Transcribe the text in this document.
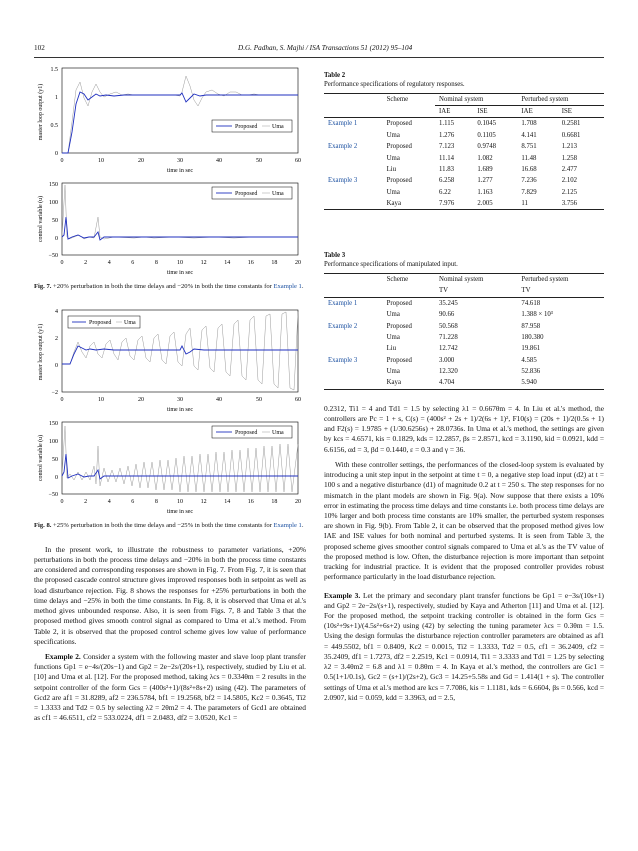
102	D.G. Padhan, S. Majhi / ISA Transactions 51 (2012) 95–104
master loop output (y1)
1.5
1
0.5
0
0	10	20	30	40	50	60
time in sec
Proposed Uma
control variable (u)
150
100
50
0
−50
0	2	4	6	8	10	12	14	16	18	20
time in sec
Proposed Uma
Fig. 7. +20% perturbation in both the time delays and −20% in both the time constants for Example 1.
master loop output (y1)
4
2
0
−2
0	10	20	30	40	50	60
time in sec
Proposed Uma
control variable (u)
150
100
50
0
−50
0	2	4	6	8	10	12	14	16	18	20
time in sec
Proposed Uma
Fig. 8. +25% perturbation in both the time delays and −25% in both the time constants for Example 1.

In the present work, to illustrate the robustness to parameter variations, +20% perturbations in both the process time delays and −20% in both the process time constants are considered and corresponding responses are shown in Fig. 7. From Fig. 7, it is seen that the proposed cascade control structure gives improved responses both in setpoint as well as load disturbance rejection. Fig. 8 shows the responses for +25% perturbations in both the time delays and −25% in both the time constants. In Fig. 8, it is observed that Uma et al.'s method gives unbounded response. Also, it is seen from Figs. 7, 8 and Table 3 that the proposed method gives smooth control signal as compared to Uma et al.'s method. From Table 2, it is observed that the proposed control scheme gives low value of performance specifications.

Example 2. Consider a system with the following master and slave loop plant transfer functions Gp1 = e−4s/(20s−1) and Gp2 = 2e−2s/(20s+1), respectively, studied by Liu et al. [10] and Uma et al. [12]. For the proposed method, taking λcs = 0.334θm = 2 results in the setpoint controller of the form Gcs = (400s²+1)/(8s²+8s+2) using (42). The parameters of Gcd2 are af1 = 31.8289, af2 = 236.5784, bf1 = 19.2568, bf2 = 14.5805, Kc2 = 0.3645, Ti2 = 1.3333 and Td2 = 0.5 by selecting λ2 = 2θm2 = 4. The parameters of Gcd1 are obtained as cf1 = 46.6511, cf2 = 533.0224, df1 = 2.0483, df2 = 3.0520, Kc1 =

Table 2
Performance specifications of regulatory responses.
	Scheme	Nominal system		Perturbed system	
		IAE	ISE	IAE	ISE
Example 1	Proposed	1.115	0.1045	1.708	0.2581
	Uma	1.276	0.1105	4.141	0.6681
Example 2	Proposed	7.123	0.9748	8.751	1.213
	Uma	11.14	1.082	11.48	1.258
	Liu	11.83	1.689	16.68	2.477
Example 3	Proposed	6.258	1.277	7.236	2.102
	Uma	6.22	1.163	7.829	2.125
	Kaya	7.976	2.005	11	3.756
Table 3
Performance specifications of manipulated input.
	Scheme	Nominal system	Perturbed system
		TV	TV
Example 1	Proposed	35.245	74.618
	Uma	90.66	1.388 × 10³
Example 2	Proposed	50.568	87.958
	Uma	71.228	180.380
	Liu	12.742	19.861
Example 3	Proposed	3.000	4.585
	Uma	12.320	52.836
	Kaya	4.704	5.940

0.2312, Ti1 = 4 and Td1 = 1.5 by selecting λ1 = 0.667θm = 4. In Liu et al.'s method, the controllers are Pc = 1 + s, C(s) = (400s² + 2s + 1)/2(6s + 1)², F10(s) = (20s + 1)/2(0.5s + 1) and F2(s) = 1.9785 + (1/30.6256s) + 28.0736s. In Uma et al.'s method, the settings are given by kcs = 4.6571, kis = 0.1829, kds = 12.2857, βs = 2.8571, kcd = 3.1190, kid = 0.0921, kdd = 6.6156, αd = 3, βd = 0.1440, ε = 0.3 and γ = 36.

With these controller settings, the performances of the closed-loop system is evaluated by introducing a unit step input in the setpoint at time t = 0, a negative step load input (d2) at t = 100 s and a negative disturbance (d1) of magnitude 0.2 at t = 250 s. The step responses for no mismatch in the plant models are shown in Fig. 9(a). Now suppose that there exists a 10% error in estimating the process time delays and time constants i.e. both process time delays are 10% larger and both process time constants are 10% smaller, the perturbed system responses are shown in Fig. 9(b). From Table 2, it can be observed that the proposed method gives low IAE and ISE values for both nominal and perturbed systems. It is seen from Table 3, the proposed scheme gives smoother control signals compared to Uma et al.'s as the TV value of the proposed method is low. Often, the disturbance rejection is more important than setpoint tracking for industrial practice. It is evident that the proposed controller provides robust performance particularly in the load disturbance rejection.

Example 3. Let the primary and secondary plant transfer functions be Gp1 = e−3s/(10s+1) and Gp2 = 2e−2s/(s+1), respectively, studied by Kaya and Atherton [11] and Uma et al. [12]. For the proposed method, the setpoint tracking controller is obtained in the form Gcs = (10s²+9s+1)/(4.5s²+6s+2) using (42) by selecting the tuning parameter λcs = 0.3θm = 1.5. Using the design formulas the disturbance rejection controller parameters are obtained as af1 = 449.5502, bf1 = 0.8409, Kc2 = 0.0015, Ti2 = 1.3333, Td2 = 0.5, cf1 = 36.2409, cf2 = 35.2409, df1 = 1.7273, df2 = 2.2519, Kc1 = 0.0914, Ti1 = 3.3333 and Td1 = 1.25 by selecting λ2 = 3.4θm2 = 6.8 and λ1 = 0.8θm = 4. In Kaya et al.'s method, the controllers are Gc1 = 0.5(1+1/0.1s), Gc2 = (s+1)/(2s+2), Gc3 = 14.25+5.58s and Gd = 1.414(1 + s). The controller settings of Uma et al.'s method are kcs = 7.7086, kis = 1.1181, kds = 6.6604, βs = 0.566, kcd = 2.0907, kid = 0.059, kdd = 3.3963, αd = 2.5,
